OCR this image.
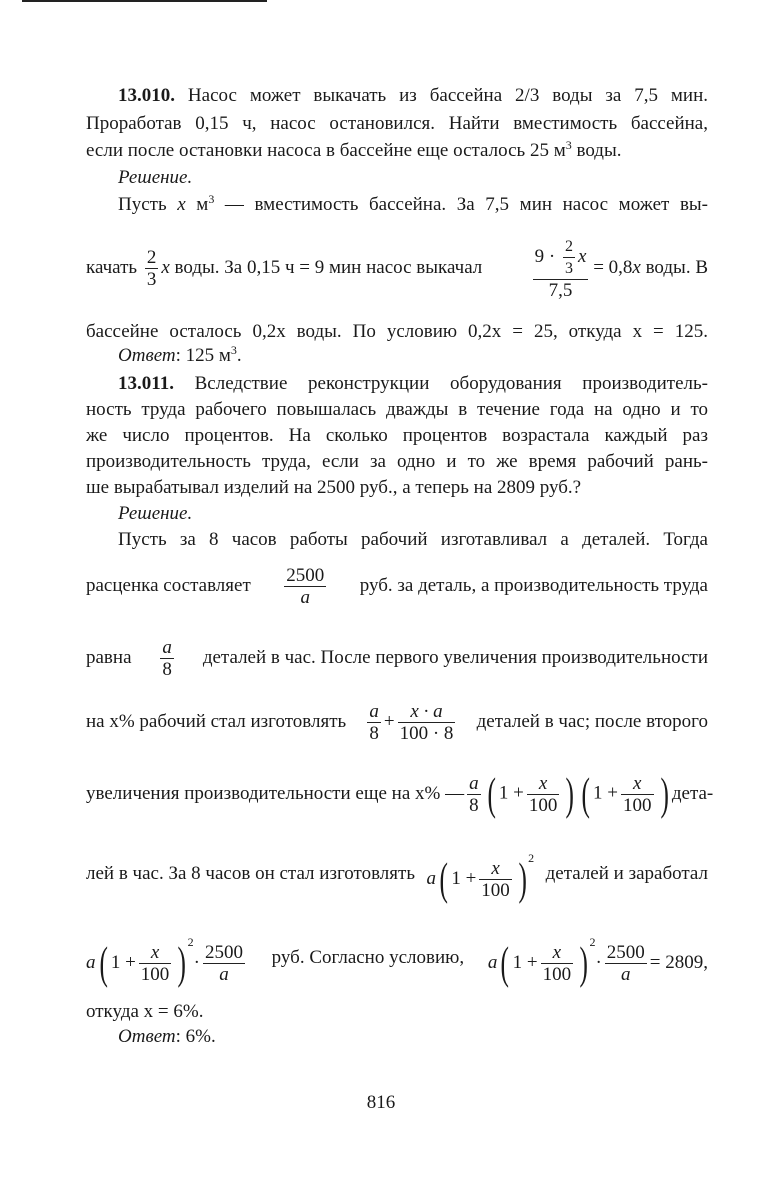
13.010. Насос может выкачать из бассейна 2/3 воды за 7,5 мин.
Проработав 0,15 ч, насос остановился. Найти вместимость бассейна,
если после остановки насоса в бассейне еще осталось 25 $м^3$ воды.
Решение.
Пусть x $м^3$ — вместимость бассейна. За 7,5 мин насос может вы-
качать $\frac{2}{3}$ x воды. За 0,15 ч = 9 мин насос выкачал	$\frac{9 \cdot \frac{2}{3} x}{7,5} = 0,8x$ воды. В
бассейне осталось 0,2x воды. По условию 0,2x = 25, откуда x = 125.
Ответ: 125 $м^3$.
13.011. Вследствие реконструкции оборудования производитель-
ность труда рабочего повышалась дважды в течение года на одно и то
же число процентов. На сколько процентов возрастала каждый раз
производительность труда, если за одно и то же время рабочий рань-
ше вырабатывал изделий на 2500 руб., а теперь на 2809 руб.?
Решение.
Пусть за 8 часов работы рабочий изготавливал a деталей. Тогда
расценка составляет $\frac{2500}{a}$ руб. за деталь, а производительность труда
равна $\frac{a}{8}$ деталей в час. После первого увеличения производительности
на x% рабочий стал изготовлять $\frac{a}{8} + \frac{x \cdot a}{100 \cdot 8}$ деталей в час; после второго
увеличения производительности еще на x% — $\frac{a}{8}$ ( $1 + \frac{x}{100}$ ) ( $1 + \frac{x}{100}$ ) дета-
лей в час. За 8 часов он стал изготовлять a( $1 + \frac{x}{100} )2$
деталей и заработал
a( $1 + \frac{x}{100} )2\cdot \frac{2500}{a}$ руб. Согласно условию, a( $1 + \frac{x}{100} )2\cdot \frac{2500}{a} = 2809$,
откуда x = 6%.
Ответ: 6%.
816
